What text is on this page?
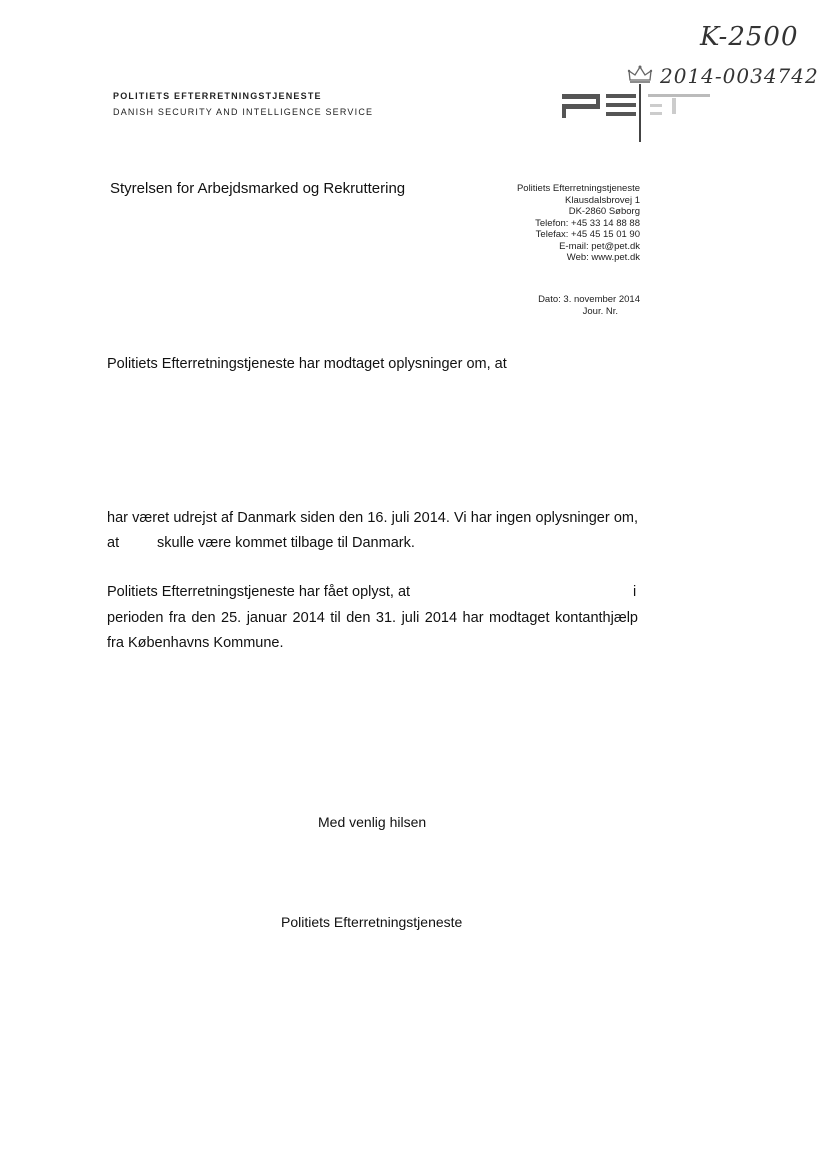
K-2500
2014-0034742
POLITIETS EFTERRETNINGSTJENESTE
DANISH SECURITY AND INTELLIGENCE SERVICE
Styrelsen for Arbejdsmarked og Rekruttering	Politiets Efterretningstjeneste
Klausdalsbrovej 1
DK-2860 Søborg
Telefon: +45 33 14 88 88
Telefax: +45 45 15 01 90
E-mail: pet@pet.dk
Web: www.pet.dk
Dato: 3. november 2014
Jour. Nr.
Politiets Efterretningstjeneste har modtaget oplysninger om, at
har været udrejst af Danmark siden den 16. juli 2014. Vi har ingen oplysninger om,
at	skulle være kommet tilbage til Danmark.
Politiets Efterretningstjeneste har fået oplyst, at	i
perioden fra den 25. januar 2014 til den 31. juli 2014 har modtaget kontanthjælp
fra Københavns Kommune.
Med venlig hilsen
Politiets Efterretningstjeneste
